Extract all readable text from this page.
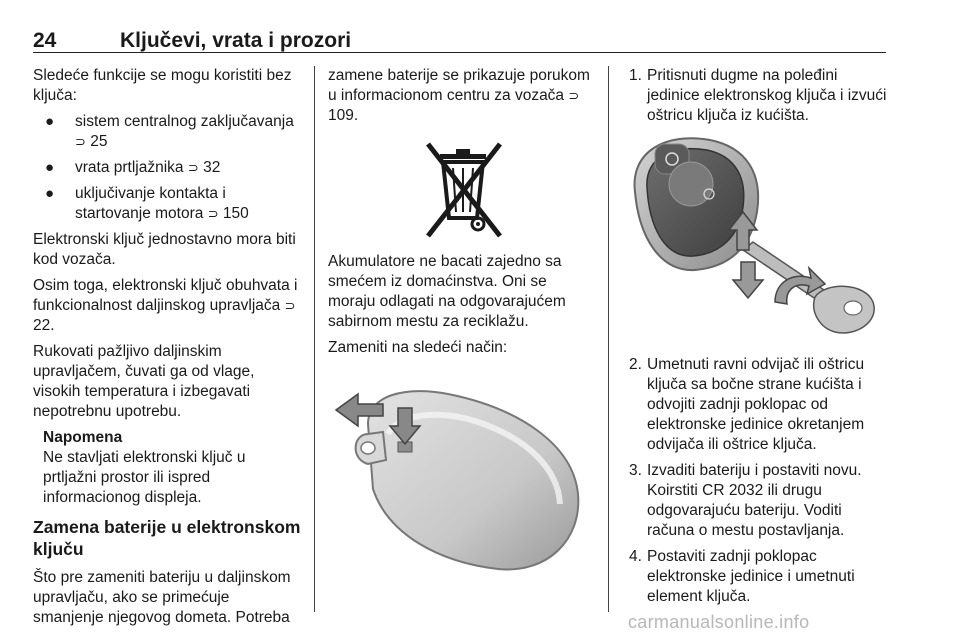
24	Ključevi, vrata i prozori

Sledeće funkcije se mogu koristiti bez ključa:

● sistem centralnog zaključavanja
⊃ 25
● vrata prtljažnika ⊃ 32
● uključivanje kontakta i startovanje motora ⊃ 150

Elektronski ključ jednostavno mora biti kod vozača.

Osim toga, elektronski ključ obuhvata i funkcionalnost daljinskog upravljača ⊃ 22.

Rukovati pažljivo daljinskim upravljačem, čuvati ga od vlage, visokih temperatura i izbegavati nepotrebnu upotrebu.

Napomena
Ne stavljati elektronski ključ u prtljažni prostor ili ispred informacionog displeja.
Zamena baterije u elektronskom ključu

Što pre zameniti bateriju u daljinskom upravljaču, ako se primećuje smanjenje njegovog dometa. Potreba

zamene baterije se prikazuje porukom u informacionom centru za vozača ⊃ 109.

Akumulatore ne bacati zajedno sa smećem iz domaćinstva. Oni se moraju odlagati na odgovarajućem sabirnom mestu za reciklažu.

Zameniti na sledeći način:

1. Pritisnuti dugme na poleđini jedinice elektronskog ključa i izvući oštricu ključa iz kućišta.
2. Umetnuti ravni odvijač ili oštricu ključa sa bočne strane kućišta i odvojiti zadnji poklopac od elektronske jedinice okretanjem odvijača ili oštrice ključa.
3. Izvaditi bateriju i postaviti novu. Koirstiti CR 2032 ili drugu odgovarajuću bateriju. Voditi računa o mestu postavljanja.
4. Postaviti zadnji poklopac elektronske jedinice i umetnuti element ključa.
carmanualsonline.info
